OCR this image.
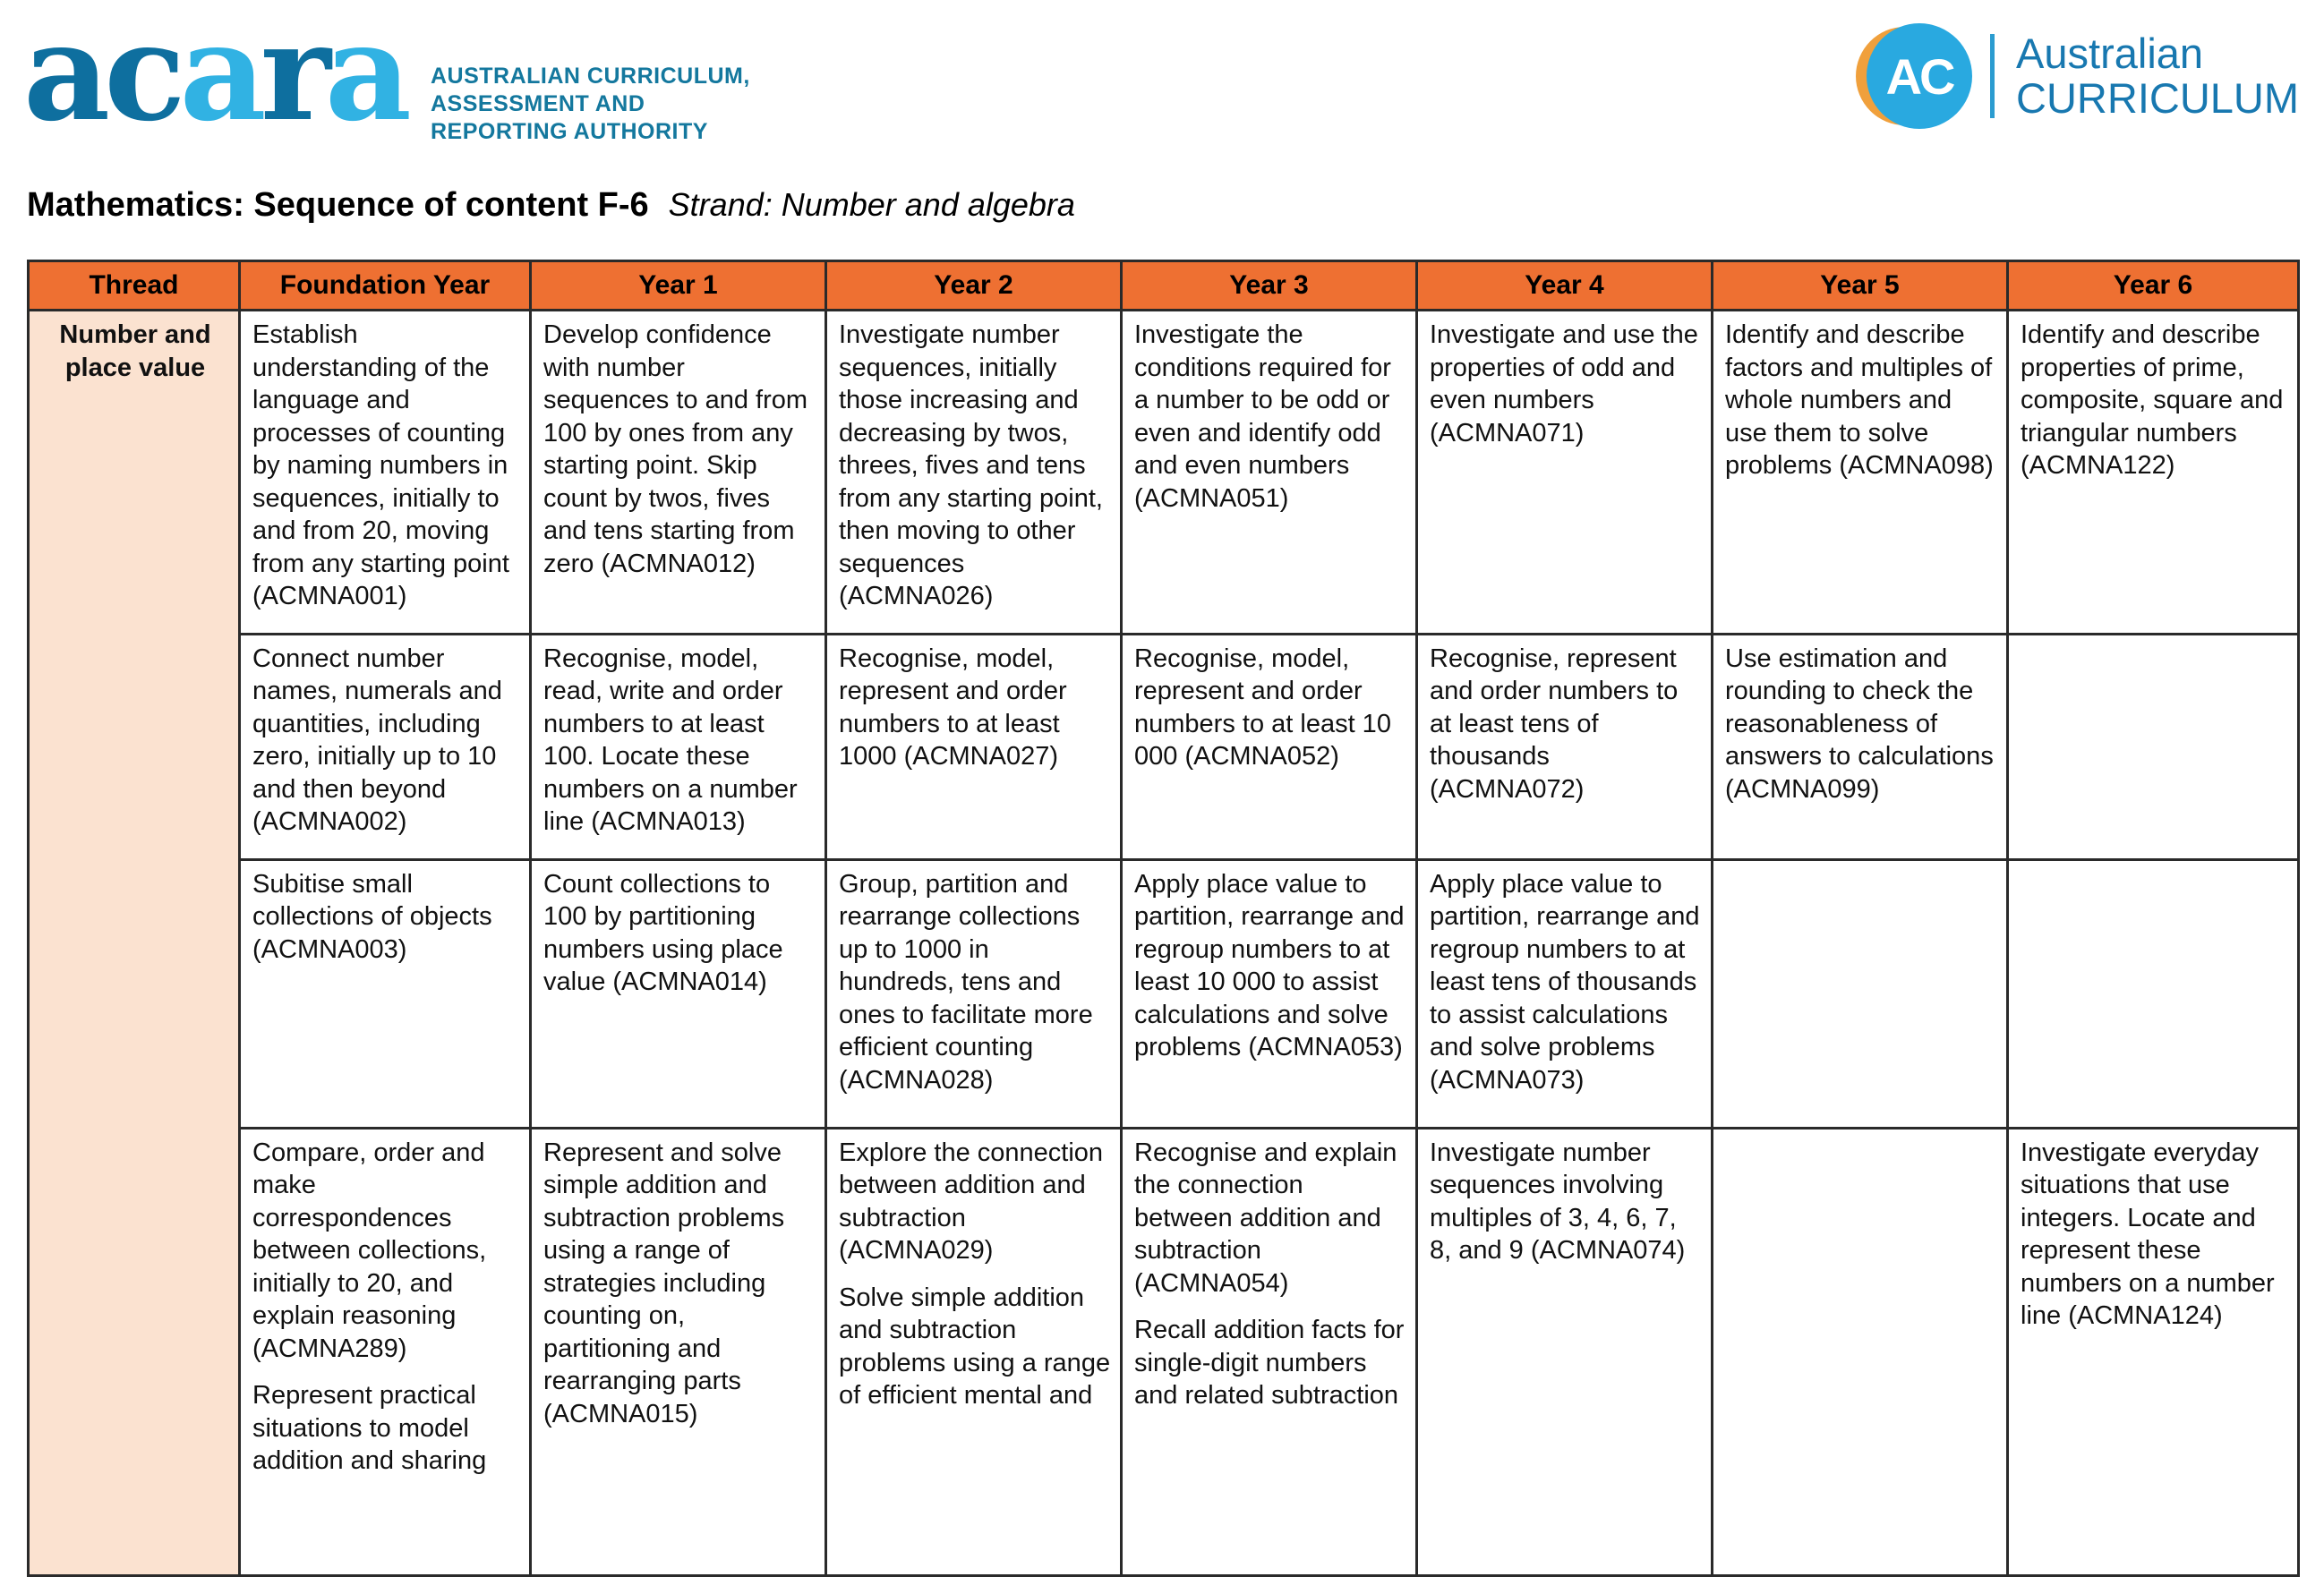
acara AUSTRALIAN CURRICULUM,
ASSESSMENT AND
REPORTING AUTHORITY
AC Australian
CURRICULUM
Mathematics: Sequence of content F-6 Strand: Number and algebra
Thread	Foundation Year	Year 1	Year 2	Year 3	Year 4	Year 5	Year 6

Number and place value	Establish understanding of the language and processes of counting by naming numbers in sequences, initially to and from 20, moving from any starting point (ACMNA001)	Develop confidence with number sequences to and from 100 by ones from any starting point. Skip count by twos, fives and tens starting from zero (ACMNA012)	Investigate number sequences, initially those increasing and decreasing by twos, threes, fives and tens from any starting point, then moving to other sequences (ACMNA026)	Investigate the conditions required for a number to be odd or even and identify odd and even numbers (ACMNA051)	Investigate and use the properties of odd and even numbers (ACMNA071)	Identify and describe factors and multiples of whole numbers and use them to solve problems (ACMNA098)	Identify and describe properties of prime, composite, square and triangular numbers (ACMNA122)

	Connect number names, numerals and quantities, including zero, initially up to 10 and then beyond (ACMNA002)	Recognise, model, read, write and order numbers to at least 100. Locate these numbers on a number line (ACMNA013)	Recognise, model, represent and order numbers to at least 1000 (ACMNA027)	Recognise, model, represent and order numbers to at least 10 000 (ACMNA052)	Recognise, represent and order numbers to at least tens of thousands (ACMNA072)	Use estimation and rounding to check the reasonableness of answers to calculations (ACMNA099)	

	Subitise small collections of objects (ACMNA003)	Count collections to 100 by partitioning numbers using place value (ACMNA014)	Group, partition and rearrange collections up to 1000 in hundreds, tens and ones to facilitate more efficient counting (ACMNA028)	Apply place value to partition, rearrange and regroup numbers to at least 10 000 to assist calculations and solve problems (ACMNA053)	Apply place value to partition, rearrange and regroup numbers to at least tens of thousands to assist calculations and solve problems (ACMNA073)		

Compare, order and make correspondences between collections, initially to 20, and explain reasoning (ACMNA289)

Represent practical situations to model addition and sharing

Represent and solve simple addition and subtraction problems using a range of strategies including counting on, partitioning and rearranging parts (ACMNA015)

Explore the connection between addition and subtraction (ACMNA029)

Solve simple addition and subtraction problems using a range of efficient mental and

Recognise and explain the connection between addition and subtraction (ACMNA054)

Recall addition facts for single-digit numbers and related subtraction

Investigate number sequences involving multiples of 3, 4, 6, 7, 8, and 9 (ACMNA074)

Investigate everyday situations that use integers. Locate and represent these numbers on a number line (ACMNA124)
